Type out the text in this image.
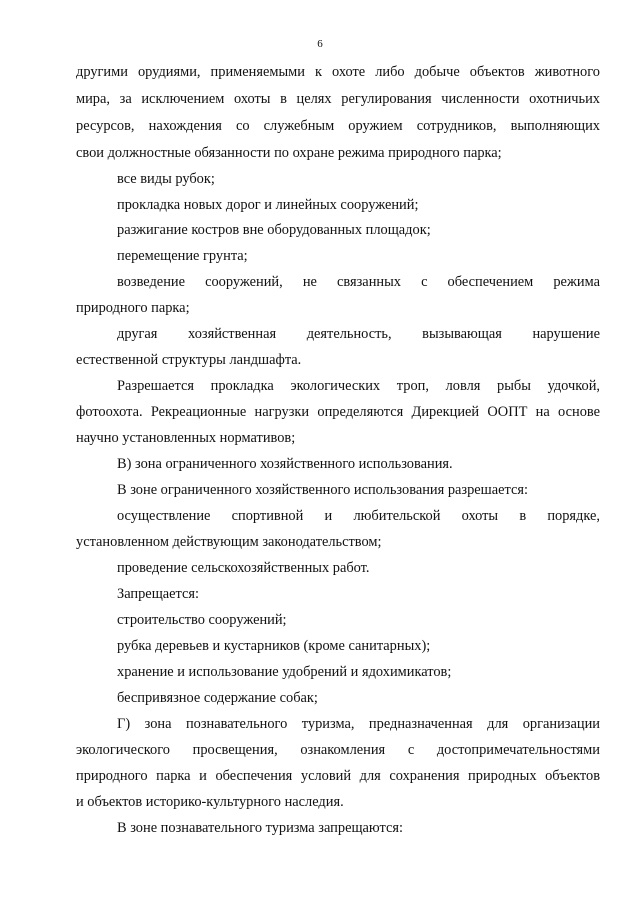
6
другими орудиями, применяемыми к охоте либо добыче объектов животного
мира, за исключением охоты в целях регулирования численности охотничьих
ресурсов, нахождения со служебным оружием сотрудников, выполняющих
свои должностные обязанности по охране режима природного парка;
все виды рубок;
прокладка новых дорог и линейных сооружений;
разжигание костров вне оборудованных площадок;
перемещение грунта;
возведение сооружений, не связанных с обеспечением режима
природного парка;
другая хозяйственная деятельность, вызывающая нарушение
естественной структуры ландшафта.
Разрешается прокладка экологических троп, ловля рыбы удочкой,
фотоохота. Рекреационные нагрузки определяются Дирекцией ООПТ на основе
научно установленных нормативов;
В) зона ограниченного хозяйственного использования.
В зоне ограниченного хозяйственного использования разрешается:
осуществление спортивной и любительской охоты в порядке,
установленном действующим законодательством;
проведение сельскохозяйственных работ.
Запрещается:
строительство сооружений;
рубка деревьев и кустарников (кроме санитарных);
хранение и использование удобрений и ядохимикатов;
беспривязное содержание собак;
Г) зона познавательного туризма, предназначенная для организации
экологического просвещения, ознакомления с достопримечательностями
природного парка и обеспечения условий для сохранения природных объектов
и объектов историко-культурного наследия.
В зоне познавательного туризма запрещаются:
